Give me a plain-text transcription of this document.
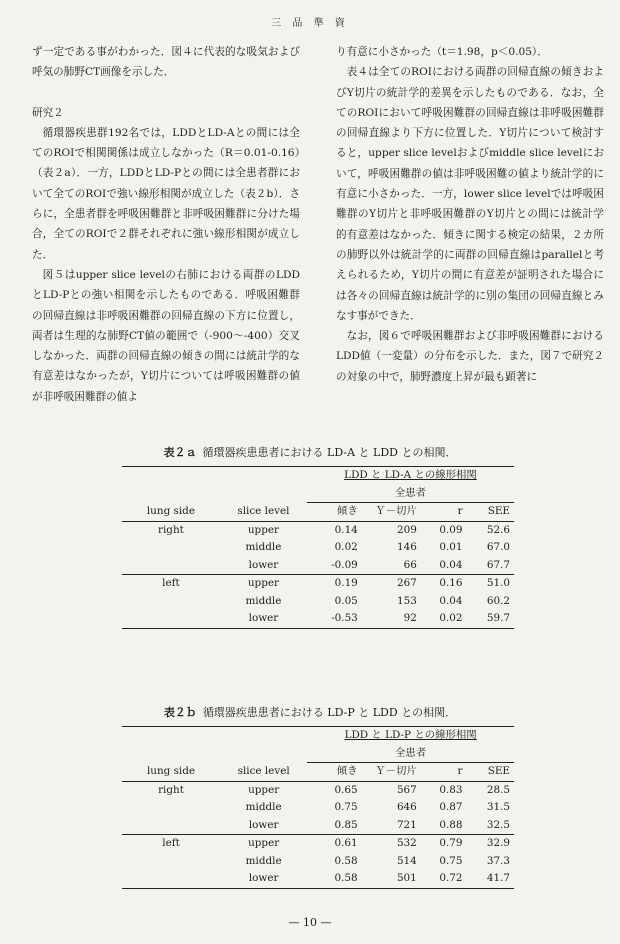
三 品 準 資

ず一定である事がわかった．図４に代表的な吸気および呼気の肺野CT画像を示した．

研究２

循環器疾患群192名では，LDDとLD-Aとの間には全てのROIで相関関係は成立しなかった（R＝0.01-0.16）（表２a）．一方，LDDとLD-Pとの間には全患者群において全てのROIで強い線形相関が成立した（表２b）．さらに，全患者群を呼吸困難群と非呼吸困難群に分けた場合，全てのROIで２群それぞれに強い線形相関が成立した．

図５はupper slice levelの右肺における両群のLDDとLD-Pとの強い相関を示したものである．呼吸困難群の回帰直線は非呼吸困難群の回帰直線の下方に位置し，両者は生理的な肺野CT値の範囲で（-900〜-400）交叉しなかった．両群の回帰直線の傾きの間には統計学的な有意差はなかったが，Y切片については呼吸困難群の値が非呼吸困難群の値よ

り有意に小さかった（t＝1.98，p＜0.05）．

表４は全てのROIにおける両群の回帰直線の傾きおよびY切片の統計学的差異を示したものである．なお，全てのROIにおいて呼吸困難群の回帰直線は非呼吸困難群の回帰直線より下方に位置した．Y切片について検討すると，upper slice levelおよびmiddle slice levelにおいて，呼吸困難群の値は非呼吸困難の値より統計学的に有意に小さかった．一方，lower slice levelでは呼吸困難群のY切片と非呼吸困難群のY切片との間には統計学的有意差はなかった．傾きに関する検定の結果，２カ所の肺野以外は統計学的に両群の回帰直線はparallelと考えられるため，Y切片の間に有意差が証明された場合には各々の回帰直線は統計学的に別の集団の回帰直線とみなす事ができた．

なお，図６で呼吸困難群および非呼吸困難群におけるLDD値（一変量）の分布を示した．また，図７で研究２の対象の中で，肺野濃度上昇が最も顕著に

表２ａ 循環器疾患患者における LD-A と LDD との相関．
		LDD と LD-A との線形相関			
		全患者			
lung side	slice level	傾き	Ｙ－切片	r	SEE
right	upper	0.14	209	0.09	52.6
	middle	0.02	146	0.01	67.0
	lower	-0.09	66	0.04	67.7
left	upper	0.19	267	0.16	51.0
	middle	0.05	153	0.04	60.2
	lower	-0.53	92	0.02	59.7
表２ｂ 循環器疾患患者における LD-P と LDD との相関．
		LDD と LD-P との線形相関			
		全患者			
lung side	slice level	傾き	Ｙ－切片	r	SEE
right	upper	0.65	567	0.83	28.5
	middle	0.75	646	0.87	31.5
	lower	0.85	721	0.88	32.5
left	upper	0.61	532	0.79	32.9
	middle	0.58	514	0.75	37.3
	lower	0.58	501	0.72	41.7
— 10 —
